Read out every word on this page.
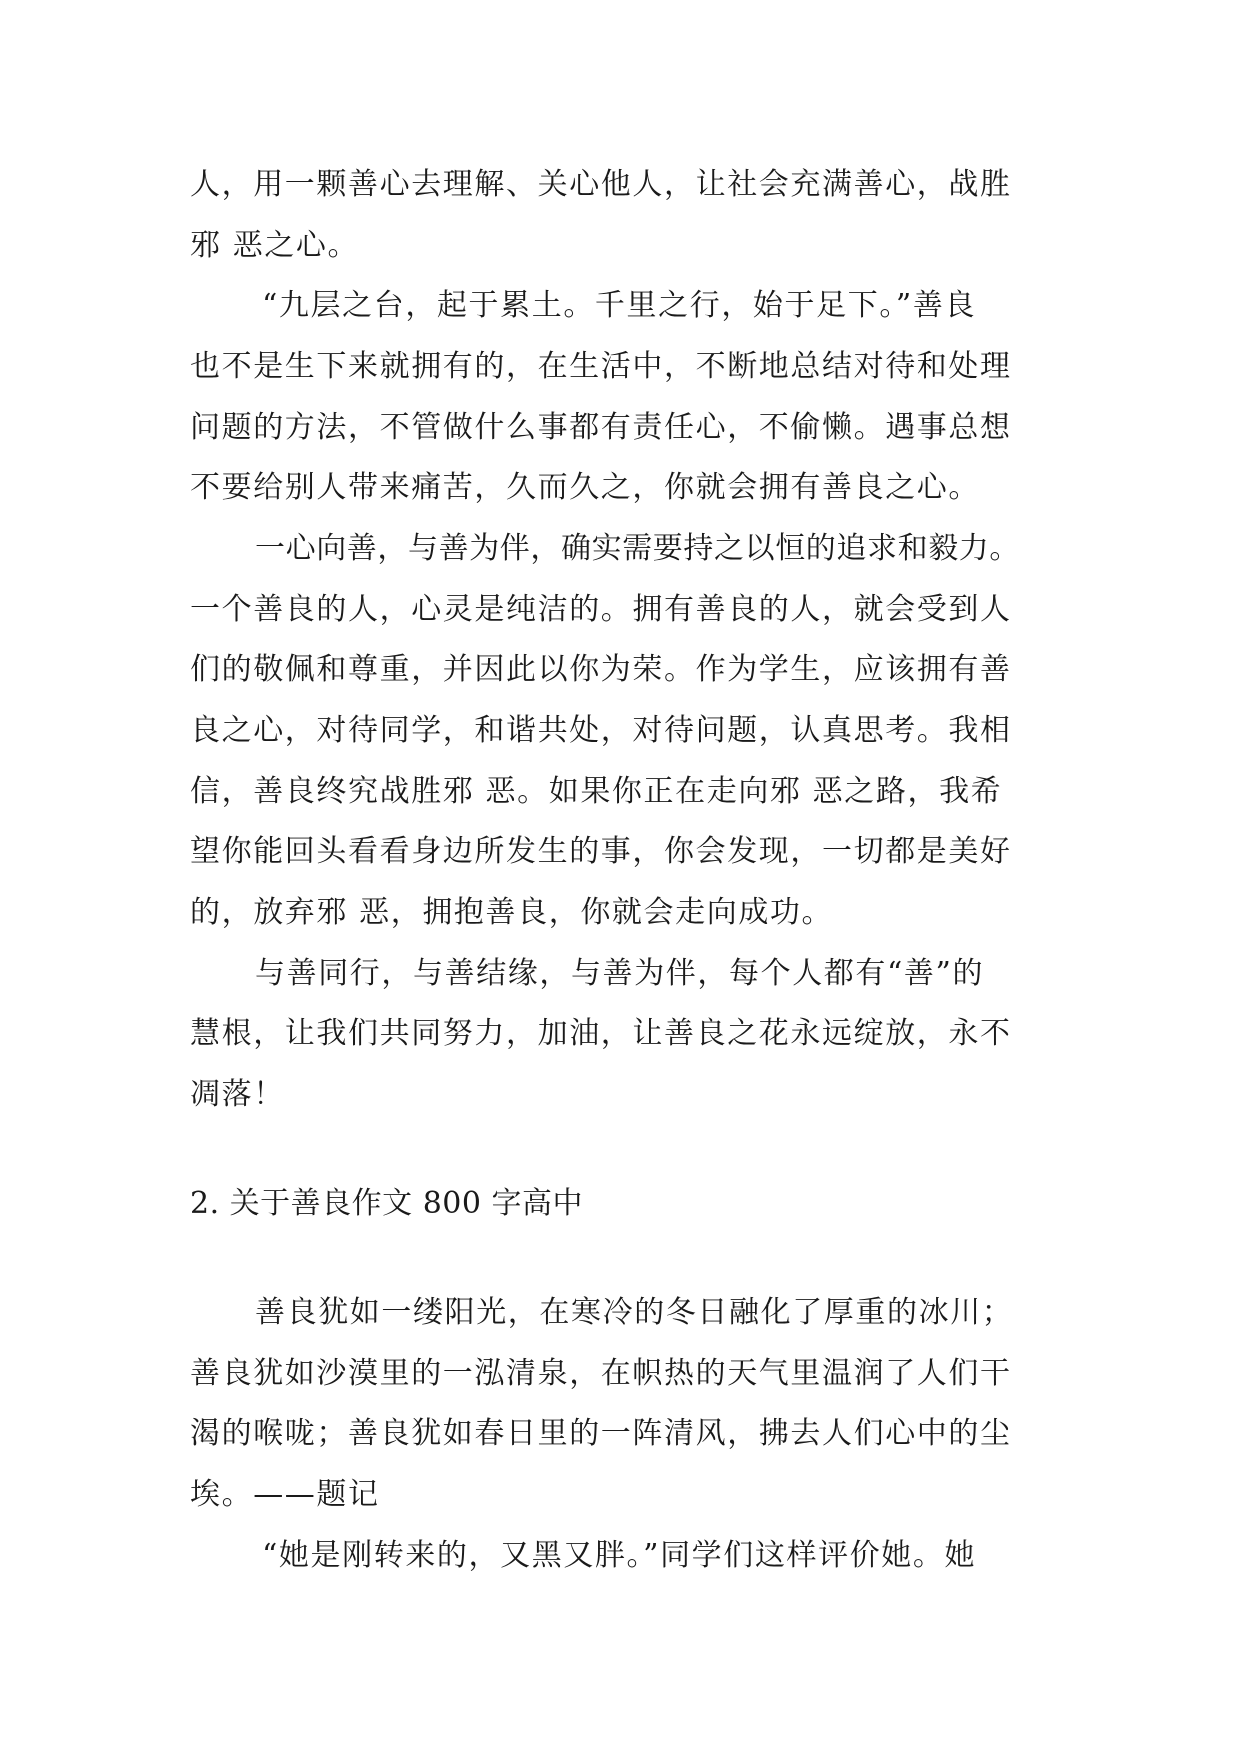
人，用一颗善心去理解、关心他人，让社会充满善心，战胜
邪 恶之心。
“九层之台，起于累土。千里之行，始于足下。”善良
也不是生下来就拥有的，在生活中，不断地总结对待和处理
问题的方法，不管做什么事都有责任心，不偷懒。遇事总想
不要给别人带来痛苦，久而久之，你就会拥有善良之心。
一心向善，与善为伴，确实需要持之以恒的追求和毅力。
一个善良的人，心灵是纯洁的。拥有善良的人，就会受到人
们的敬佩和尊重，并因此以你为荣。作为学生，应该拥有善
良之心，对待同学，和谐共处，对待问题，认真思考。我相
信，善良终究战胜邪 恶。如果你正在走向邪 恶之路，我希
望你能回头看看身边所发生的事，你会发现，一切都是美好
的，放弃邪 恶，拥抱善良，你就会走向成功。
与善同行，与善结缘，与善为伴，每个人都有“善”的
慧根，让我们共同努力，加油，让善良之花永远绽放，永不
凋落！
2. 关于善良作文 800 字高中
善良犹如一缕阳光，在寒冷的冬日融化了厚重的冰川；
善良犹如沙漠里的一泓清泉，在帜热的天气里温润了人们干
渴的喉咙；善良犹如春日里的一阵清风，拂去人们心中的尘
埃。——题记
“她是刚转来的，又黑又胖。”同学们这样评价她。她
